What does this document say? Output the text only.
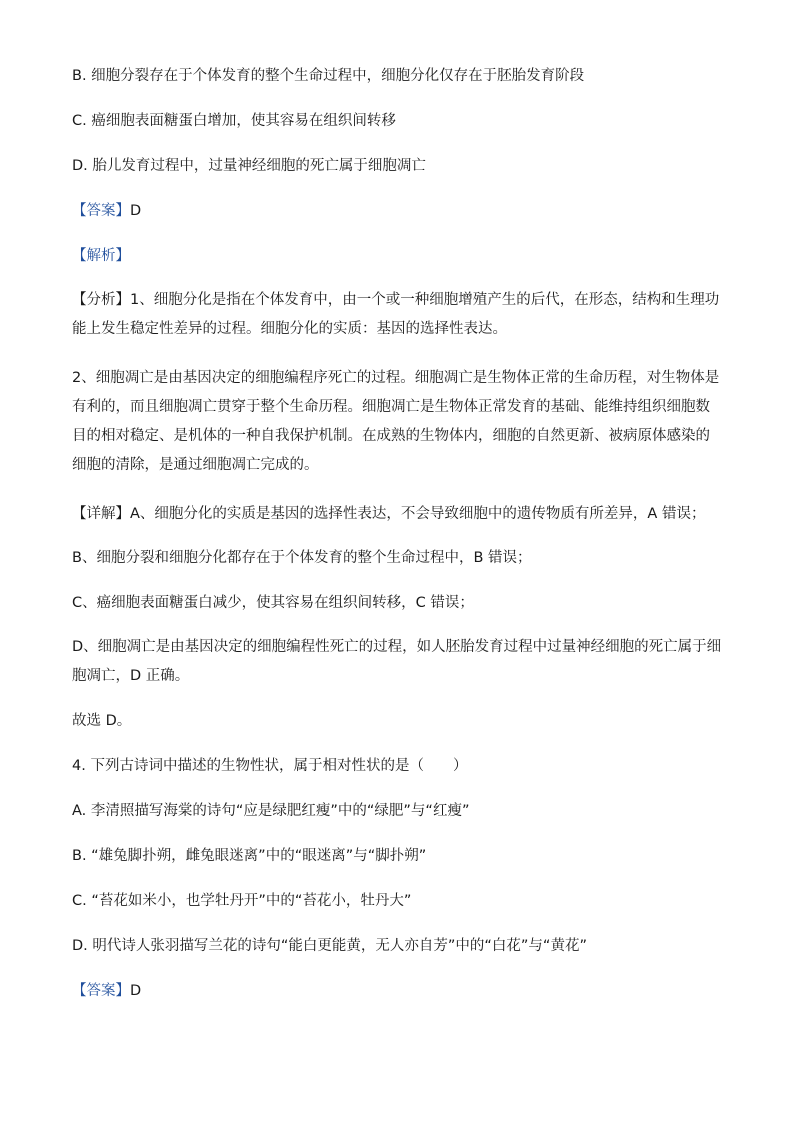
B. 细胞分裂存在于个体发育的整个生命过程中，细胞分化仅存在于胚胎发育阶段
C. 癌细胞表面糖蛋白增加，使其容易在组织间转移
D. 胎儿发育过程中，过量神经细胞的死亡属于细胞凋亡
【答案】D
【解析】
【分析】1、细胞分化是指在个体发育中，由一个或一种细胞增殖产生的后代，在形态，结构和生理功能上发生稳定性差异的过程。细胞分化的实质：基因的选择性表达。
2、细胞凋亡是由基因决定的细胞编程序死亡的过程。细胞凋亡是生物体正常的生命历程，对生物体是有利的，而且细胞凋亡贯穿于整个生命历程。细胞凋亡是生物体正常发育的基础、能维持组织细胞数目的相对稳定、是机体的一种自我保护机制。在成熟的生物体内，细胞的自然更新、被病原体感染的细胞的清除，是通过细胞凋亡完成的。
【详解】A、细胞分化的实质是基因的选择性表达，不会导致细胞中的遗传物质有所差异，A 错误；
B、细胞分裂和细胞分化都存在于个体发育的整个生命过程中，B 错误；
C、癌细胞表面糖蛋白减少，使其容易在组织间转移，C 错误；
D、细胞凋亡是由基因决定的细胞编程性死亡的过程，如人胚胎发育过程中过量神经细胞的死亡属于细胞凋亡，D 正确。
故选 D。
4. 下列古诗词中描述的生物性状，属于相对性状的是（　　）
A. 李清照描写海棠的诗句“应是绿肥红瘦”中的“绿肥”与“红瘦”
B. “雄兔脚扑朔，雌兔眼迷离”中的“眼迷离”与“脚扑朔”
C. “苔花如米小，也学牡丹开”中的“苔花小，牡丹大”
D. 明代诗人张羽描写兰花的诗句“能白更能黄，无人亦自芳”中的“白花”与“黄花”
【答案】D
